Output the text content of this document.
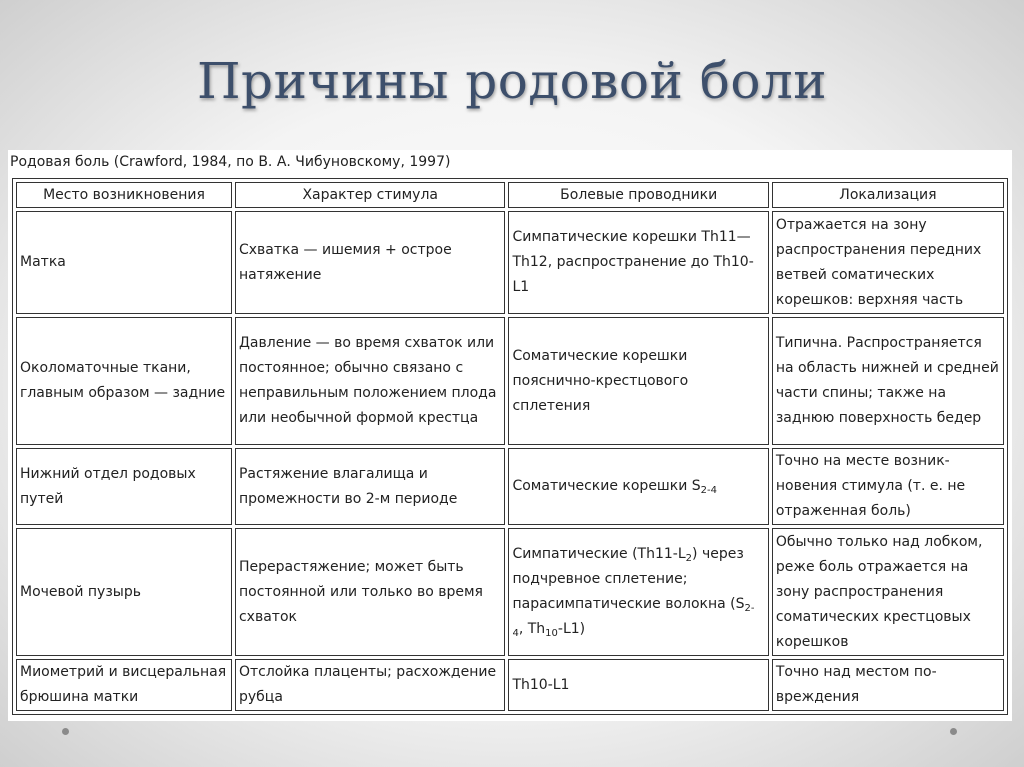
Причины родовой боли
Родовая боль (Crawford, 1984, по В. А. Чибуновскому, 1997)
Место возникновения	Характер стимула	Болевые проводники	Локализация
Матка	Схватка — ишемия + острое натяжение	Симпатические корешки Th11—Th12, распространение до Th10-L1	Отражается на зону распространения передних ветвей соматических корешков: верхняя часть
Околоматочные ткани, главным образом — задние	Давление — во время схваток или постоянное; обычно связано с неправильным положением плода или необычной формой крестца	Соматические корешки пояснично-крестцового сплетения	Типична. Распространяется на область нижней и средней части спины; также на заднюю поверхность бедер
Нижний отдел родовых путей	Растяжение влагалища и промежности во 2-м периоде	Соматические корешки $S_{2-4}$	Точно на месте возник-новения стимула (т. е. не отраженная боль)
Мочевой пузырь	Перерастяжение; может быть постоянной или только во время схваток	Симпатические $(Th11-L_2)$ через подчревное сплетение; парасимпатические волокна ($S_{2-4}$, $Th_{10}-L1$)	Обычно только над лобком, реже боль отражается на зону распространения соматических крестцовых корешков
Миометрий и висцеральная брюшина матки	Отслойка плаценты; расхождение рубца	Th10-L1	Точно над местом по-вреждения
